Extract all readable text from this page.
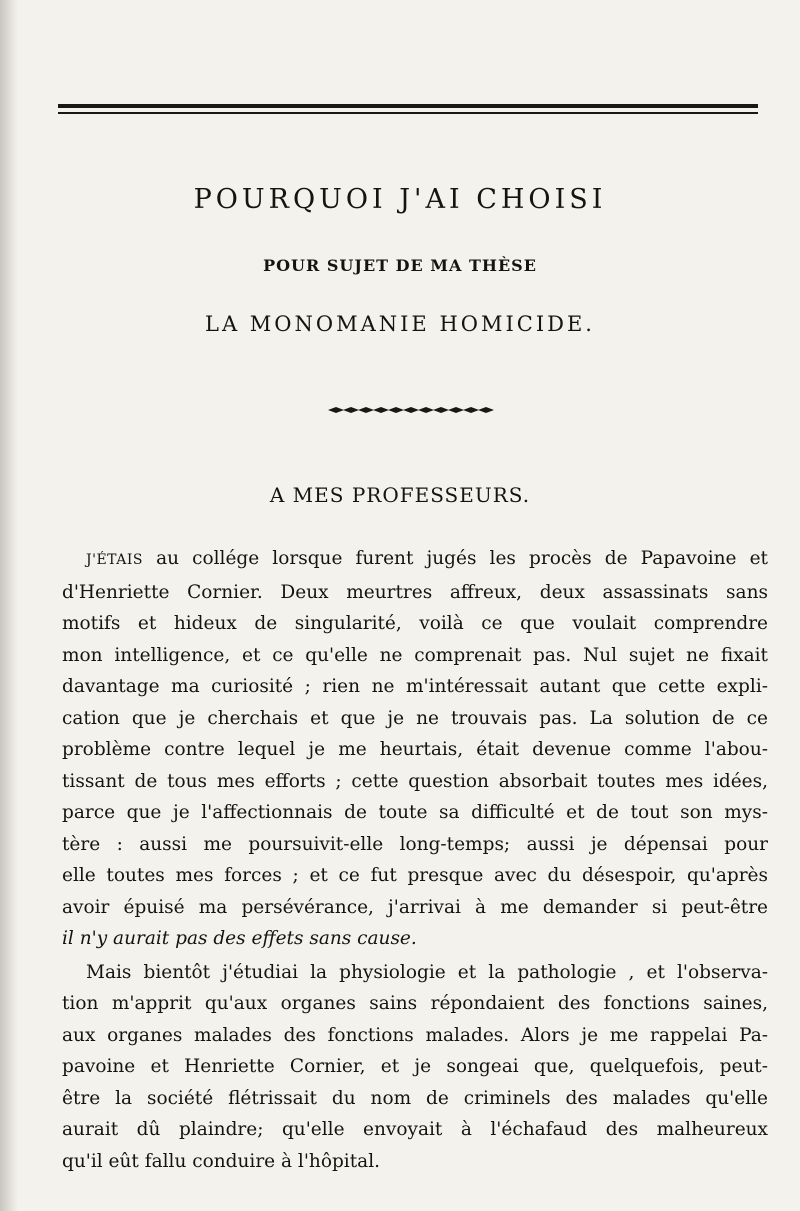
POURQUOI J'AI CHOISI
POUR SUJET DE MA THÈSE
LA MONOMANIE HOMICIDE.
A MES PROFESSEURS.
J'ÉTAIS au collége lorsque furent jugés les procès de Papavoine et
d'Henriette Cornier. Deux meurtres affreux, deux assassinats sans
motifs et hideux de singularité, voilà ce que voulait comprendre
mon intelligence, et ce qu'elle ne comprenait pas. Nul sujet ne fixait
davantage ma curiosité ; rien ne m'intéressait autant que cette expli-
cation que je cherchais et que je ne trouvais pas. La solution de ce
problème contre lequel je me heurtais, était devenue comme l'abou-
tissant de tous mes efforts ; cette question absorbait toutes mes idées,
parce que je l'affectionnais de toute sa difficulté et de tout son mys-
tère : aussi me poursuivit-elle long-temps; aussi je dépensai pour
elle toutes mes forces ; et ce fut presque avec du désespoir, qu'après
avoir épuisé ma persévérance, j'arrivai à me demander si peut-être
il n'y aurait pas des effets sans cause.
Mais bientôt j'étudiai la physiologie et la pathologie , et l'observa-
tion m'apprit qu'aux organes sains répondaient des fonctions saines,
aux organes malades des fonctions malades. Alors je me rappelai Pa-
pavoine et Henriette Cornier, et je songeai que, quelquefois, peut-
être la société flétrissait du nom de criminels des malades qu'elle
aurait dû plaindre; qu'elle envoyait à l'échafaud des malheureux
qu'il eût fallu conduire à l'hôpital.
